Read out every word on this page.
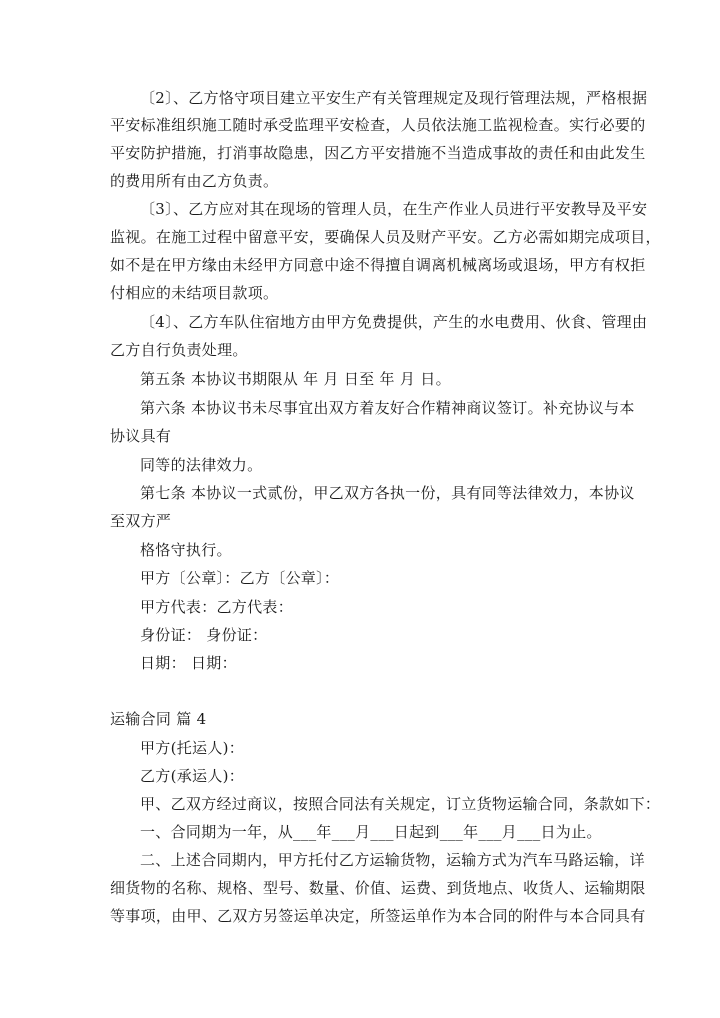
〔2〕、乙方恪守项目建立平安生产有关管理规定及现行管理法规，严格根据
平安标准组织施工随时承受监理平安检查，人员依法施工监视检查。实行必要的
平安防护措施，打消事故隐患，因乙方平安措施不当造成事故的责任和由此发生
的费用所有由乙方负责。
〔3〕、乙方应对其在现场的管理人员，在生产作业人员进行平安教导及平安
监视。在施工过程中留意平安，要确保人员及财产平安。乙方必需如期完成项目，
如不是在甲方缘由未经甲方同意中途不得擅自调离机械离场或退场，甲方有权拒
付相应的未结项目款项。
〔4〕、乙方车队住宿地方由甲方免费提供，产生的水电费用、伙食、管理由
乙方自行负责处理。
第五条 本协议书期限从 年 月 日至 年 月 日。
第六条 本协议书未尽事宜出双方着友好合作精神商议签订。补充协议与本
协议具有
同等的法律效力。
第七条 本协议一式贰份，甲乙双方各执一份，具有同等法律效力，本协议
至双方严
格恪守执行。
甲方〔公章〕：乙方〔公章〕：
甲方代表：乙方代表：
身份证： 身份证：
日期： 日期：
运输合同 篇 4
甲方(托运人)：
乙方(承运人)：
甲、乙双方经过商议，按照合同法有关规定，订立货物运输合同，条款如下：
一、合同期为一年，从___年___月___日起到___年___月___日为止。
二、上述合同期内，甲方托付乙方运输货物，运输方式为汽车马路运输，详
细货物的名称、规格、型号、数量、价值、运费、到货地点、收货人、运输期限
等事项，由甲、乙双方另签运单决定，所签运单作为本合同的附件与本合同具有
